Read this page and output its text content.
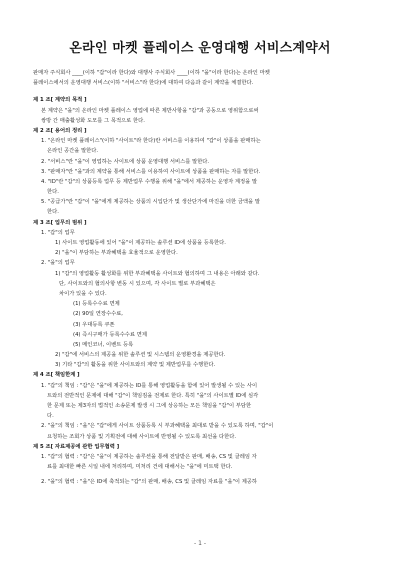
온라인 마켓 플레이스 운영대행 서비스계약서
판매자 주식회사 ____(이하 "갑"이라 한다)와 대행사 주식회사 ____(이하 "을"이라 한다)는 온라인 마켓
플레이스에서의 운영대행 서비스(이하 "서비스"라 한다)에 대하여 다음과 같이 계약을 체결한다.
제 1 조[ 계약의 목적 ]
본 계약은 "을"의 온라인 마켓 플레이스 영업에 따른 제반사항을 "갑"과 공동으로 영위함으로써
쌍방 간 매출활성화 도모를 그 목적으로 한다.
제 2 조[ 용어의 정리 ]
1. "온라인 마켓 플레이스"(이하 "사이트"라 한다)란 서비스를 이용하여 "갑"이 상품을 판매하는
온라인 공간을 말한다.
2. "서비스"란 "을"이 영업하는 사이트에 상품 운영대행 서비스를 말한다.
3. "판매자"란 "을"과의 계약을 통해 서비스를 이용하여 사이트에 상품을 판매하는 자를 말한다.
4. "ID"란 "갑"의 상품등록 업무 등 제반업무 수행을 위해 "을"에서 제공하는 운영자 계정을 말
한다.
5. "공급가"란 "갑"이 "을"에게 제공하는 상품의 시입단가 및 생산단가에 마진을 더한 금액을 말
한다.
제 3 조[ 업무의 범위 ]
1. "갑"의 업무
1) 사이트 영업활동에 있어 "을"이 제공하는 솔루션 ID에 상품을 등록한다.
2) "을"이 부담하는 부과혜택을 효율적으로 운영한다.
2. "을"의 업무
1) "갑"의 영업활동 활성화를 위한 부과혜택을 사이트와 협의하며 그 내용은 아래와 같다.
단, 사이트와의 협의사항 변동 시 있으며, 각 사이트 별로 부과혜택은
차이가 있을 수 있다.
(1) 등록수수료 면제
(2) 90일 연장수수료,
(3) 우대등록 쿠폰
(4) 즉시구매가 등록수수료 면제
(5) 메인코너, 이벤트 등록
2) "갑"에 서비스의 제공을 위한 솔루션 및 시스템의 운영환경을 제공한다.
3) 기타 "갑"의 활동을 위한 사이트와의 계약 및 제반업무를 수행한다.
제 4 조[ 책임한계 ]
1. "갑"의 책임 : "갑"은 "을"에 제공하는 ID를 통해 영업활동을 함에 있어 발생될 수 있는 사이
트와의 전반적인 문제에 대해 "갑"이 책임짐을 전제로 한다. 특히 "을"의 사이트별 ID에 심각
한 문제 또는 제3자의 법적인 소송문제 발생 시 그에 상응하는 모든 책임을 "갑"이 부담한
다.
2. "을"의 책임 : "을"은 "갑"에게 사이트 상품등록 시 부과혜택을 최대로 받을 수 있도록 하며, "갑"이
요청하는 조회가 상품 및 기획전에 대해 사이트에 반영될 수 있도록 최선을 다한다.
제 5 조[ 자료제공에 관한 업무협력 ]
1. "갑"의 협력 : "갑"은 "을"이 제공하는 솔루션을 통해 전달받은 판매, 배송, CS 및 클레임 자
료를 최대한 빠른 시일 내에 처리하며, 미처리 건에 대해서는 "을"에 미트택 한다.
2. "을"의 협력 : "을"은 ID에 축적되는 "갑"의 판매, 배송, CS 및 클레임 자료를 "을"이 제공하
- 1 -
